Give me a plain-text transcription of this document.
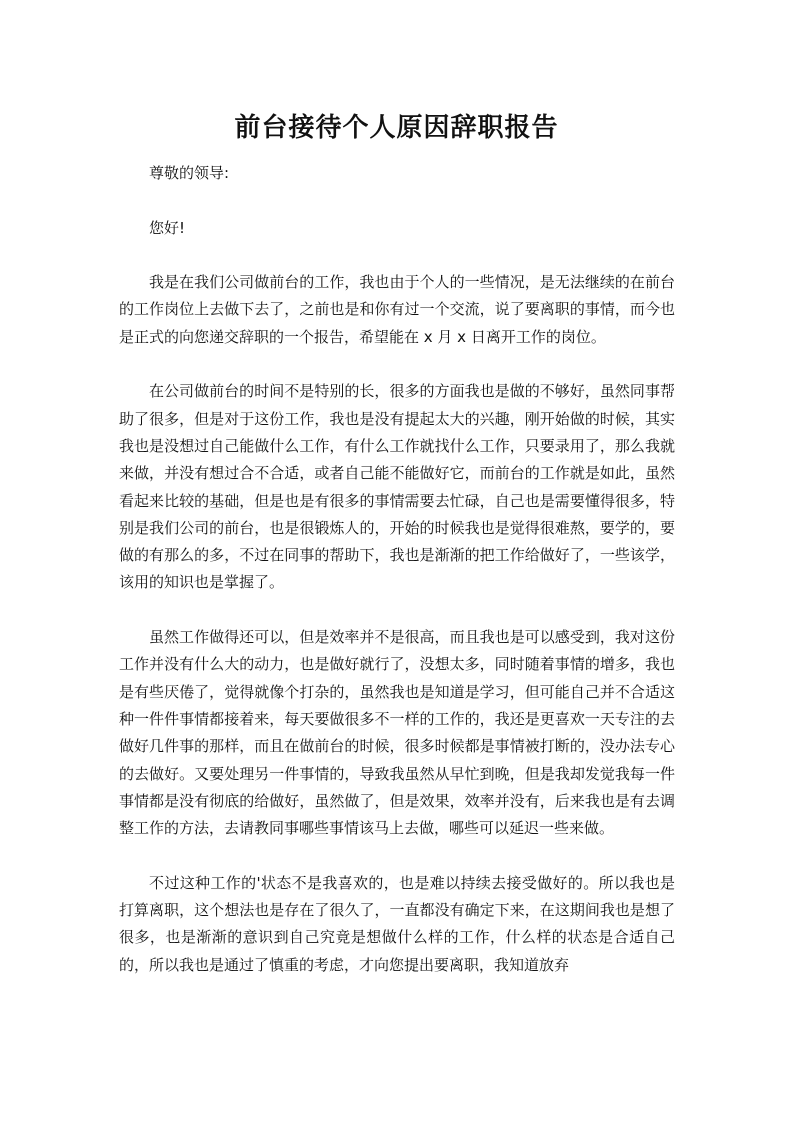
前台接待个人原因辞职报告

尊敬的领导:

您好!

我是在我们公司做前台的工作，我也由于个人的一些情况，是无法继续的在前台的工作岗位上去做下去了，之前也是和你有过一个交流，说了要离职的事情，而今也是正式的向您递交辞职的一个报告，希望能在 x 月 x 日离开工作的岗位。

在公司做前台的时间不是特别的长，很多的方面我也是做的不够好，虽然同事帮助了很多，但是对于这份工作，我也是没有提起太大的兴趣，刚开始做的时候，其实我也是没想过自己能做什么工作，有什么工作就找什么工作，只要录用了，那么我就来做，并没有想过合不合适，或者自己能不能做好它，而前台的工作就是如此，虽然看起来比较的基础，但是也是有很多的事情需要去忙碌，自己也是需要懂得很多，特别是我们公司的前台，也是很锻炼人的，开始的时候我也是觉得很难熬，要学的，要做的有那么的多，不过在同事的帮助下，我也是渐渐的把工作给做好了，一些该学，该用的知识也是掌握了。

虽然工作做得还可以，但是效率并不是很高，而且我也是可以感受到，我对这份工作并没有什么大的动力，也是做好就行了，没想太多，同时随着事情的增多，我也是有些厌倦了，觉得就像个打杂的，虽然我也是知道是学习，但可能自己并不合适这种一件件事情都接着来，每天要做很多不一样的工作的，我还是更喜欢一天专注的去做好几件事的那样，而且在做前台的时候，很多时候都是事情被打断的，没办法专心的去做好。又要处理另一件事情的，导致我虽然从早忙到晚，但是我却发觉我每一件事情都是没有彻底的给做好，虽然做了，但是效果，效率并没有，后来我也是有去调整工作的方法，去请教同事哪些事情该马上去做，哪些可以延迟一些来做。

不过这种工作的'状态不是我喜欢的，也是难以持续去接受做好的。所以我也是打算离职，这个想法也是存在了很久了，一直都没有确定下来，在这期间我也是想了很多，也是渐渐的意识到自己究竟是想做什么样的工作，什么样的状态是合适自己的，所以我也是通过了慎重的考虑，才向您提出要离职，我知道放弃
